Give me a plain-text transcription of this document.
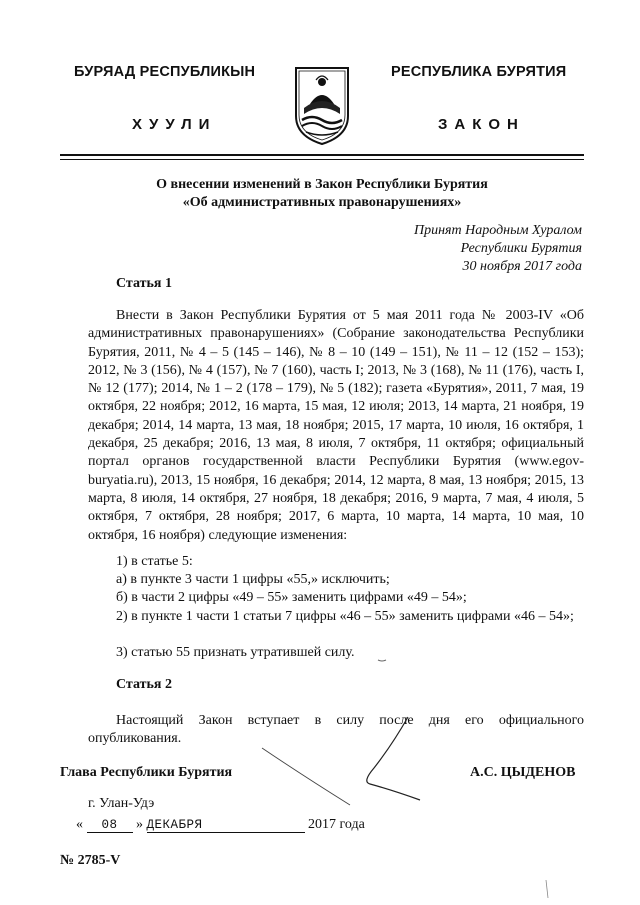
БУРЯАД РЕСПУБЛИКЫН	РЕСПУБЛИКА БУРЯТИЯ
ХУУЛИ	ЗАКОН
О внесении изменений в Закон Республики Бурятия
«Об административных правонарушениях»
Принят Народным Хуралом
Республики Бурятия
30 ноября 2017 года
Статья 1

Внести в Закон Республики Бурятия от 5 мая 2011 года № 2003-IV «Об административных правонарушениях» (Собрание законодательства Республики Бурятия, 2011, № 4 – 5 (145 – 146), № 8 – 10 (149 – 151), № 11 – 12 (152 – 153); 2012, № 3 (156), № 4 (157), № 7 (160), часть I; 2013, № 3 (168), № 11 (176), часть I, № 12 (177); 2014, № 1 – 2 (178 – 179), № 5 (182); газета «Бурятия», 2011, 7 мая, 19 октября, 22 ноября; 2012, 16 марта, 15 мая, 12 июля; 2013, 14 марта, 21 ноября, 19 декабря; 2014, 14 марта, 13 мая, 18 ноября; 2015, 17 марта, 10 июля, 16 октября, 1 декабря, 25 декабря; 2016, 13 мая, 8 июля, 7 октября, 11 октября; официальный портал органов государственной власти Республики Бурятия (www.egov-buryatia.ru), 2013, 15 ноября, 16 декабря; 2014, 12 марта, 8 мая, 13 ноября; 2015, 13 марта, 8 июля, 14 октября, 27 ноября, 18 декабря; 2016, 9 марта, 7 мая, 4 июля, 5 октября, 7 октября, 28 ноября; 2017, 6 марта, 10 марта, 14 марта, 10 мая, 10 октября, 16 ноября) следующие изменения:

1) в статье 5:
а) в пункте 3 части 1 цифры «55,» исключить;
б) в части 2 цифры «49 – 55» заменить цифрами «49 – 54»;

2) в пункте 1 части 1 статьи 7 цифры «46 – 55» заменить цифрами «46 – 54»;

3) статью 55 признать утратившей силу.
Статья 2

Настоящий Закон вступает в силу после дня его официального опубликования.

Глава Республики Бурятия	А.С. ЦЫДЕНОВ
г. Улан-Удэ
« 08 » ДЕКАБРЯ	2017 года
№ 2785-V
